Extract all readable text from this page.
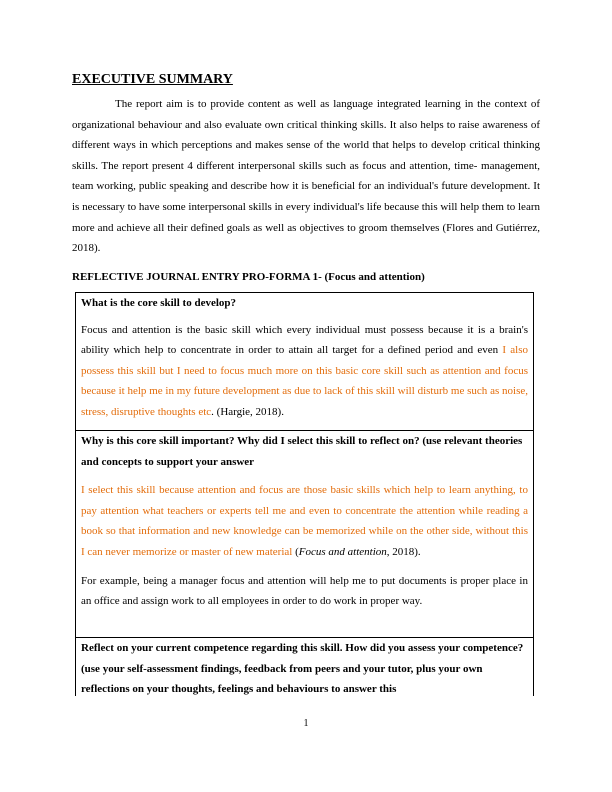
EXECUTIVE SUMMARY

The report aim is to provide content as well as language integrated learning in the context of organizational behaviour and also evaluate own critical thinking skills. It also helps to raise awareness of different ways in which perceptions and makes sense of the world that helps to develop critical thinking skills. The report present 4 different interpersonal skills such as focus and attention, time- management, team working, public speaking and describe how it is beneficial for an individual's future development. It is necessary to have some interpersonal skills in every individual's life because this will help them to learn more and achieve all their defined goals as well as objectives to groom themselves (Flores and Gutiérrez, 2018).

REFLECTIVE JOURNAL ENTRY PRO-FORMA 1- (Focus and attention)

What is the core skill to develop?

Focus and attention is the basic skill which every individual must possess because it is a brain's ability which help to concentrate in order to attain all target for a defined period and even I also possess this skill but I need to focus much more on this basic core skill such as attention and focus because it help me in my future development as due to lack of this skill will disturb me such as noise, stress, disruptive thoughts etc. (Hargie, 2018).

Why is this core skill important? Why did I select this skill to reflect on? (use relevant theories and concepts to support your answer

I select this skill because attention and focus are those basic skills which help to learn anything, to pay attention what teachers or experts tell me and even to concentrate the attention while reading a book so that information and new knowledge can be memorized while on the other side, without this I can never memorize or master of new material (Focus and attention, 2018).

For example, being a manager focus and attention will help me to put documents is proper place in an office and assign work to all employees in order to do work in proper way.

Reflect on your current competence regarding this skill. How did you assess your competence? (use your self-assessment findings, feedback from peers and your tutor, plus your own reflections on your thoughts, feelings and behaviours to answer this

1
